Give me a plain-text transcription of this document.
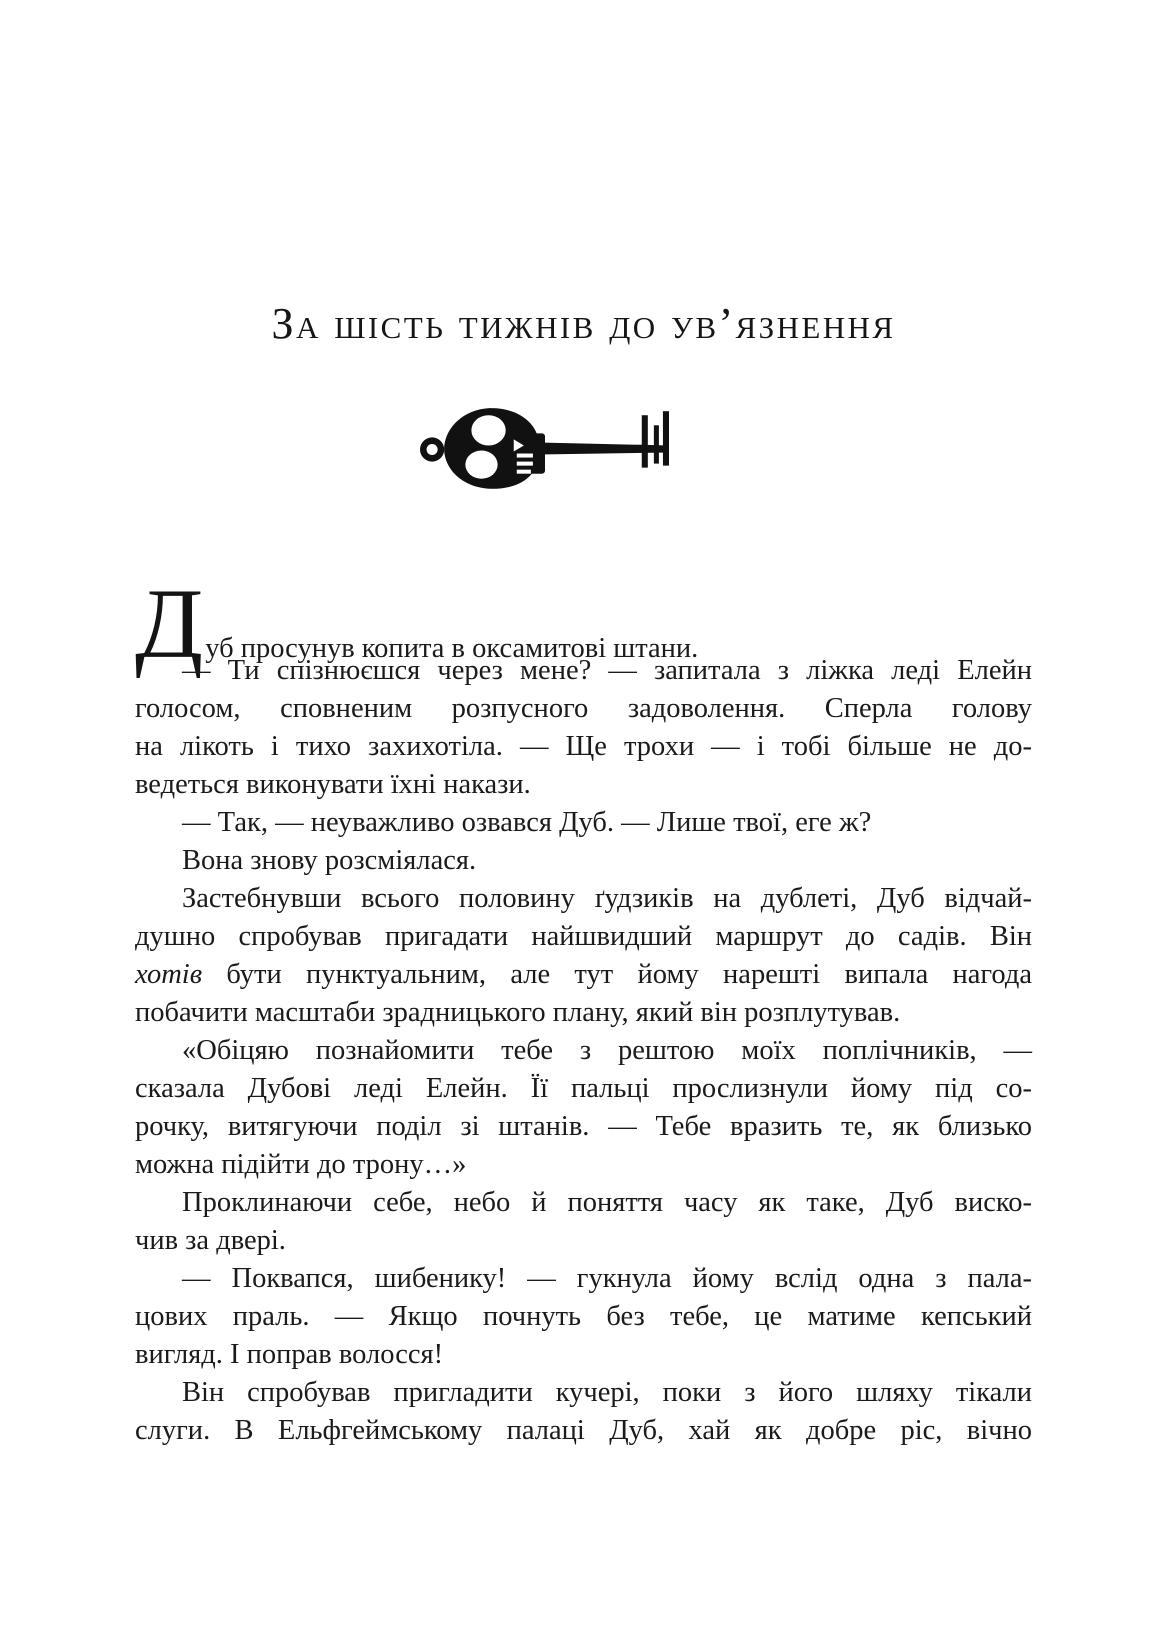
За шість тижнів до ув’язнення
Дуб просунув копита в оксамитові штани.
— Ти спізнюєшся через мене? — запитала з ліжка леді Елейн
голосом, сповненим розпусного задоволення. Сперла голову
на лікоть і тихо захихотіла. — Ще трохи — і тобі більше не до-
ведеться виконувати їхні накази.
— Так, — неуважливо озвався Дуб. — Лише твої, еге ж?
Вона знову розсміялася.
Застебнувши всього половину ґудзиків на дублеті, Дуб відчай-
душно спробував пригадати найшвидший маршрут до садів. Він
хотів бути пунктуальним, але тут йому нарешті випала нагода
побачити масштаби зрадницького плану, який він розплутував.
«Обіцяю познайомити тебе з рештою моїх поплічників, —
сказала Дубові леді Елейн. Її пальці прослизнули йому під со-
рочку, витягуючи поділ зі штанів. — Тебе вразить те, як близько
можна підійти до трону…»
Проклинаючи себе, небо й поняття часу як таке, Дуб виско-
чив за двері.
— Поквапся, шибенику! — гукнула йому вслід одна з пала-
цових праль. — Якщо почнуть без тебе, це матиме кепський
вигляд. І поправ волосся!
Він спробував пригладити кучері, поки з його шляху тікали
слуги. В Ельфгеймському палаці Дуб, хай як добре ріс, вічно
